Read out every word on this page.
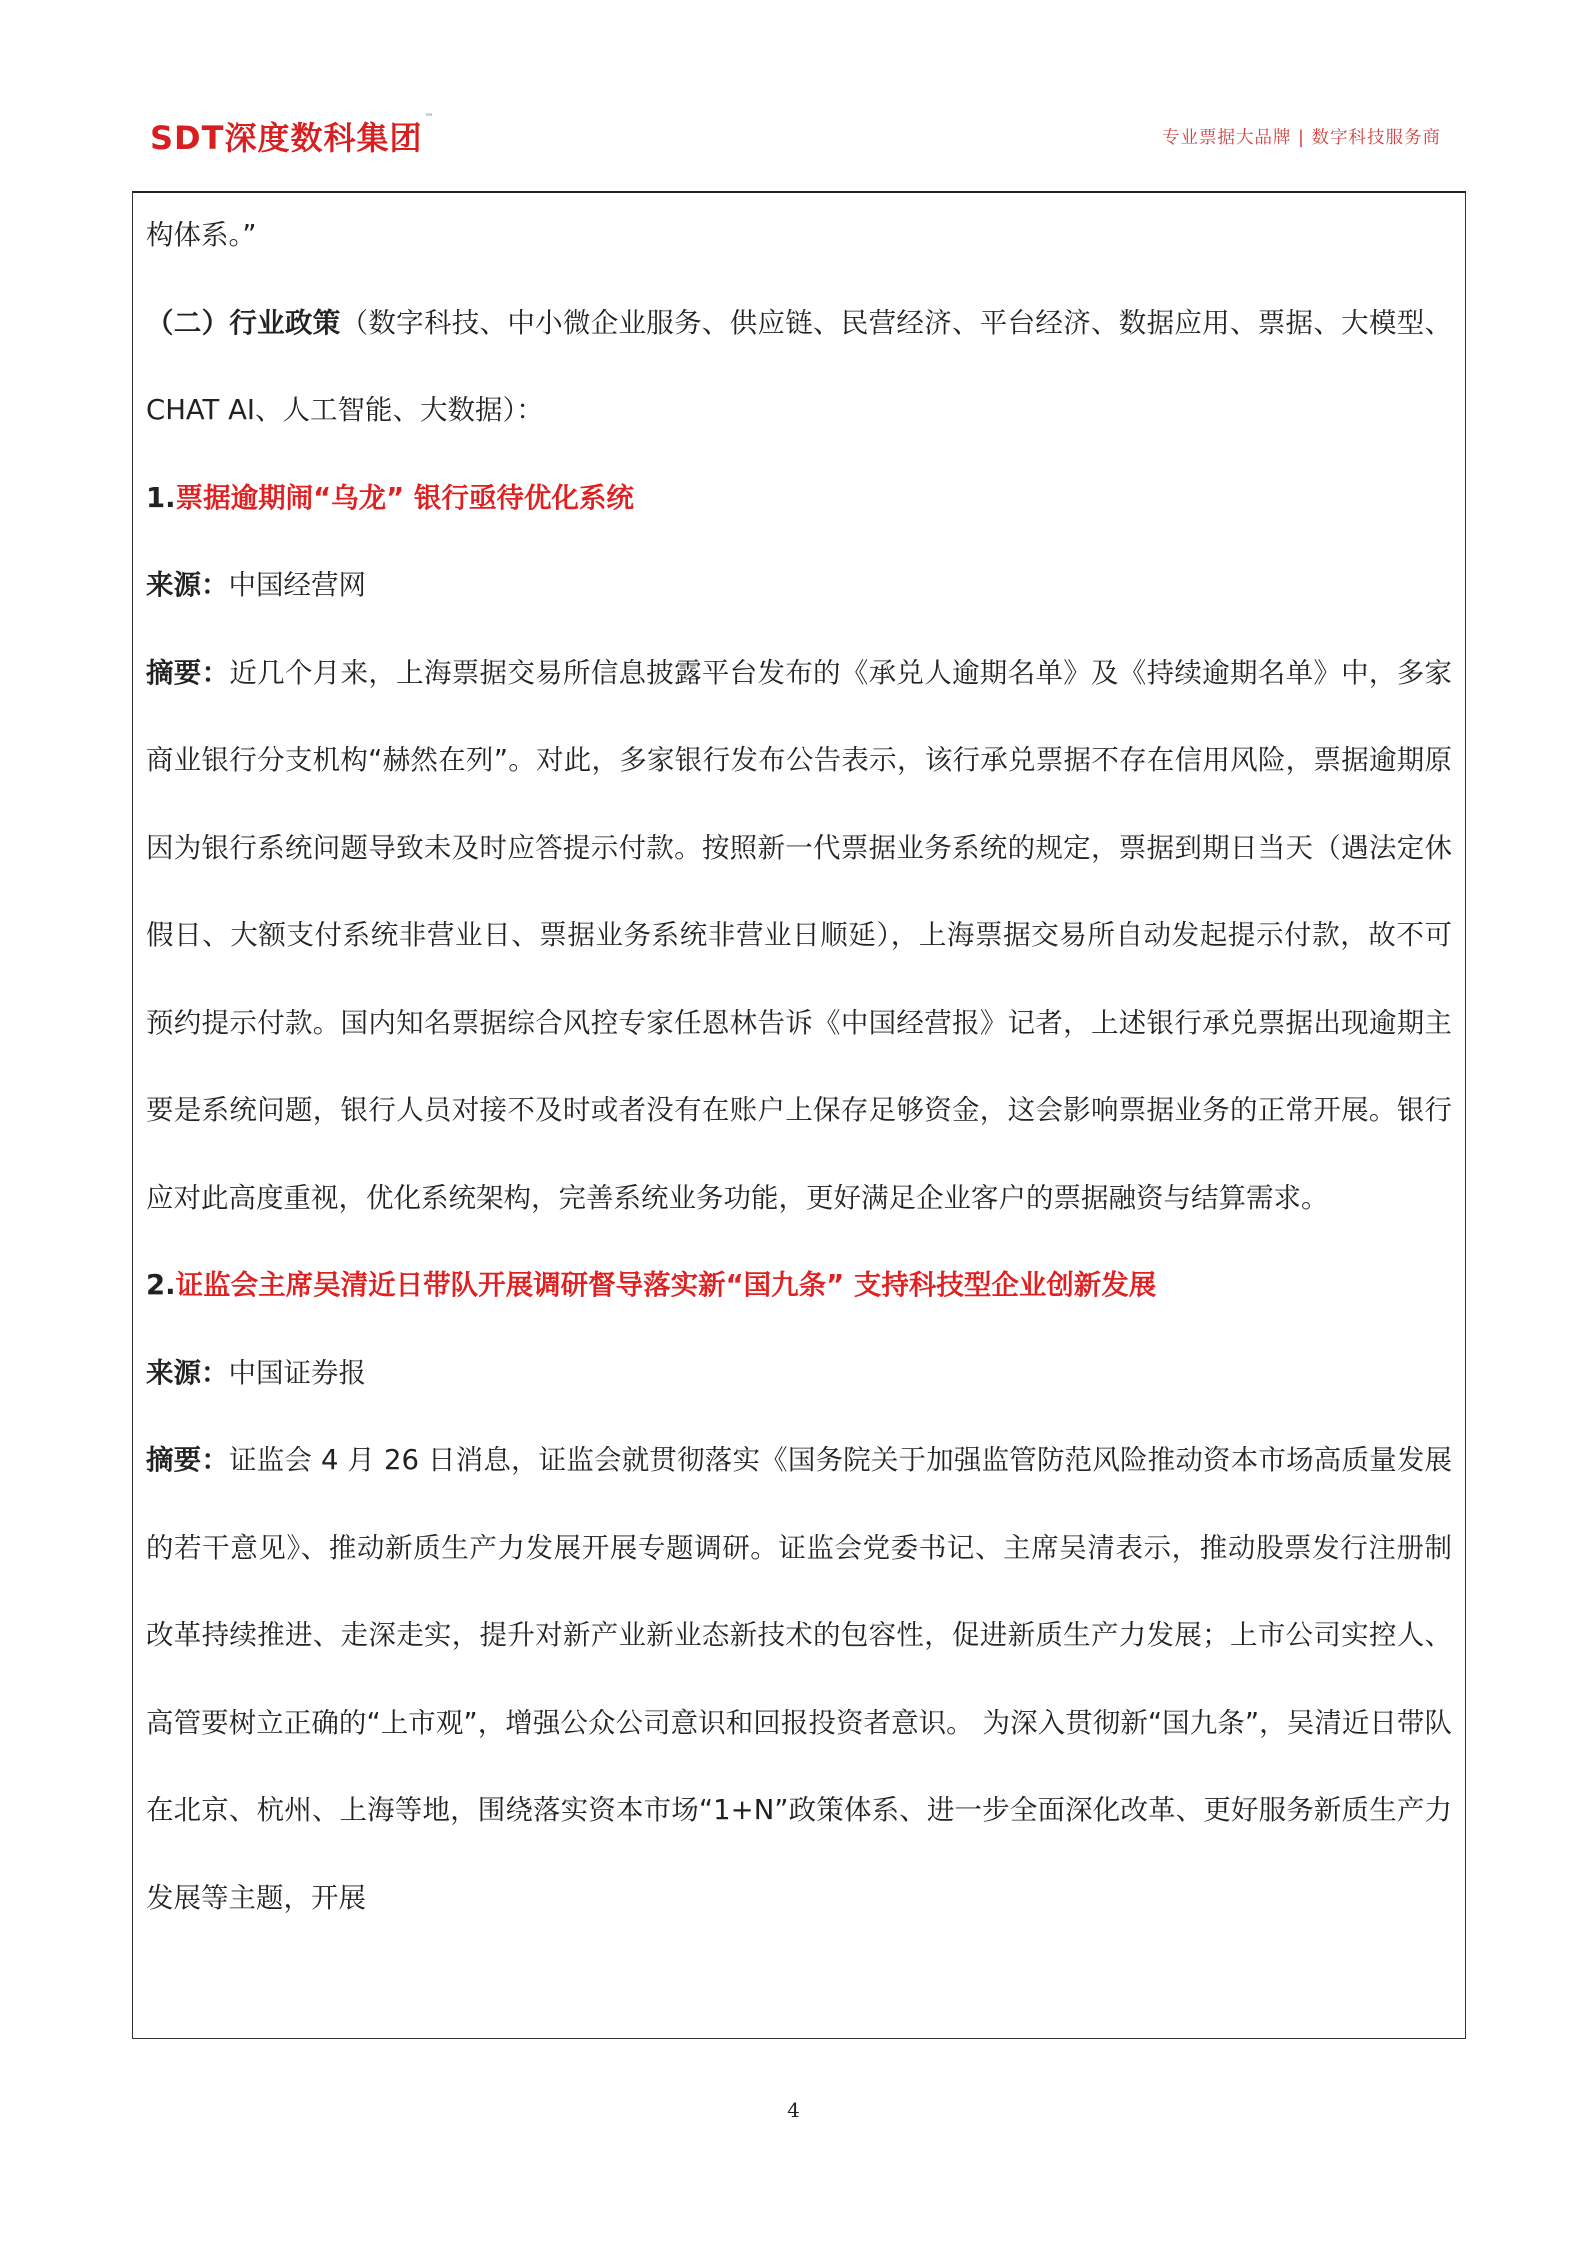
SDT深度数科集团™
专业票据大品牌 | 数字科技服务商

构体系。”

（二）行业政策（数字科技、中小微企业服务、供应链、民营经济、平台经济、数据应用、票据、大模型、CHAT AI、人工智能、大数据）：

1.票据逾期闹“乌龙” 银行亟待优化系统

来源：中国经营网

摘要：近几个月来，上海票据交易所信息披露平台发布的《承兑人逾期名单》及《持续逾期名单》中，多家商业银行分支机构“赫然在列”。对此，多家银行发布公告表示，该行承兑票据不存在信用风险，票据逾期原因为银行系统问题导致未及时应答提示付款。按照新一代票据业务系统的规定，票据到期日当天（遇法定休假日、大额支付系统非营业日、票据业务系统非营业日顺延），上海票据交易所自动发起提示付款，故不可预约提示付款。国内知名票据综合风控专家任恩林告诉《中国经营报》记者，上述银行承兑票据出现逾期主要是系统问题，银行人员对接不及时或者没有在账户上保存足够资金，这会影响票据业务的正常开展。银行应对此高度重视，优化系统架构，完善系统业务功能，更好满足企业客户的票据融资与结算需求。

2.证监会主席吴清近日带队开展调研督导落实新“国九条” 支持科技型企业创新发展

来源：中国证券报

摘要：证监会 4 月 26 日消息，证监会就贯彻落实《国务院关于加强监管防范风险推动资本市场高质量发展的若干意见》、推动新质生产力发展开展专题调研。证监会党委书记、主席吴清表示，推动股票发行注册制改革持续推进、走深走实，提升对新产业新业态新技术的包容性，促进新质生产力发展；上市公司实控人、高管要树立正确的“上市观”，增强公众公司意识和回报投资者意识。 为深入贯彻新“国九条”，吴清近日带队在北京、杭州、上海等地，围绕落实资本市场“1+N”政策体系、进一步全面深化改革、更好服务新质生产力发展等主题，开展

4
